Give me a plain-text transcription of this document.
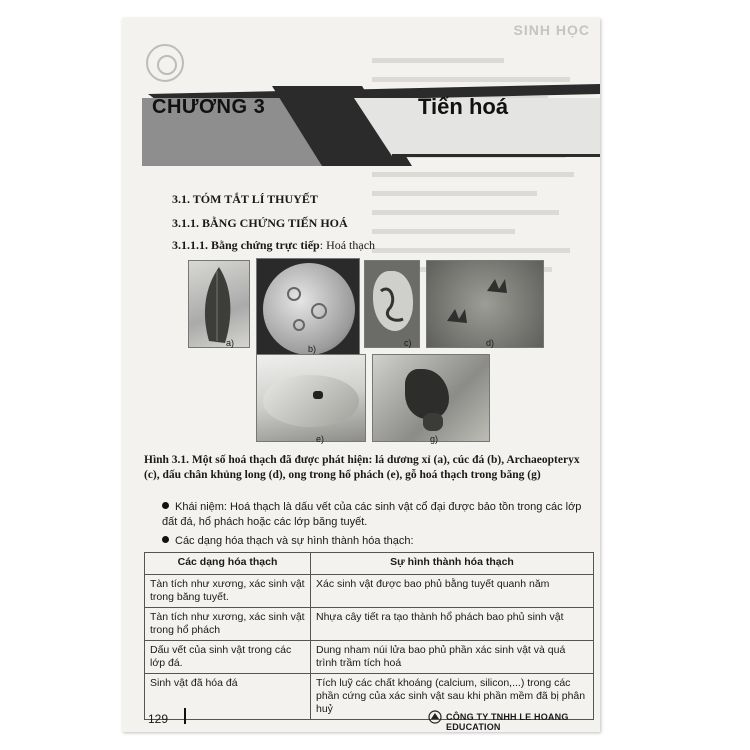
SINH HỌC
CHƯƠNG 3	Tiến hoá
3.1. TÓM TẮT LÍ THUYẾT
3.1.1. BẰNG CHỨNG TIẾN HOÁ
3.1.1.1. Bằng chứng trực tiếp: Hoá thạch
a)
b)
c)	d)
e)	g)
Hình 3.1. Một số hoá thạch đã được phát hiện: lá dương xỉ (a), cúc đá (b), Archaeopteryx (c), dấu chân khủng long (d), ong trong hổ phách (e), gỗ hoá thạch trong băng (g)
Khái niệm: Hoá thạch là dấu vết của các sinh vật cổ đại được bảo tồn trong các lớp đất đá, hổ phách hoặc các lớp băng tuyết.
Các dạng hóa thạch và sự hình thành hóa thạch:
Các dạng hóa thạch	Sự hình thành hóa thạch
Tàn tích như xương, xác sinh vật trong băng tuyết.	Xác sinh vật được bao phủ bằng tuyết quanh năm
Tàn tích như xương, xác sinh vật trong hổ phách	Nhựa cây tiết ra tạo thành hổ phách bao phủ sinh vật
Dấu vết của sinh vật trong các lớp đá.	Dung nham núi lửa bao phủ phần xác sinh vật và quá trình trầm tích hoá
Sinh vật đã hóa đá	Tích luỹ các chất khoáng (calcium, silicon,...) trong các phần cứng của xác sinh vật sau khi phần mềm đã bị phân huỷ
129	CÔNG TY TNHH LE HOANG EDUCATION
